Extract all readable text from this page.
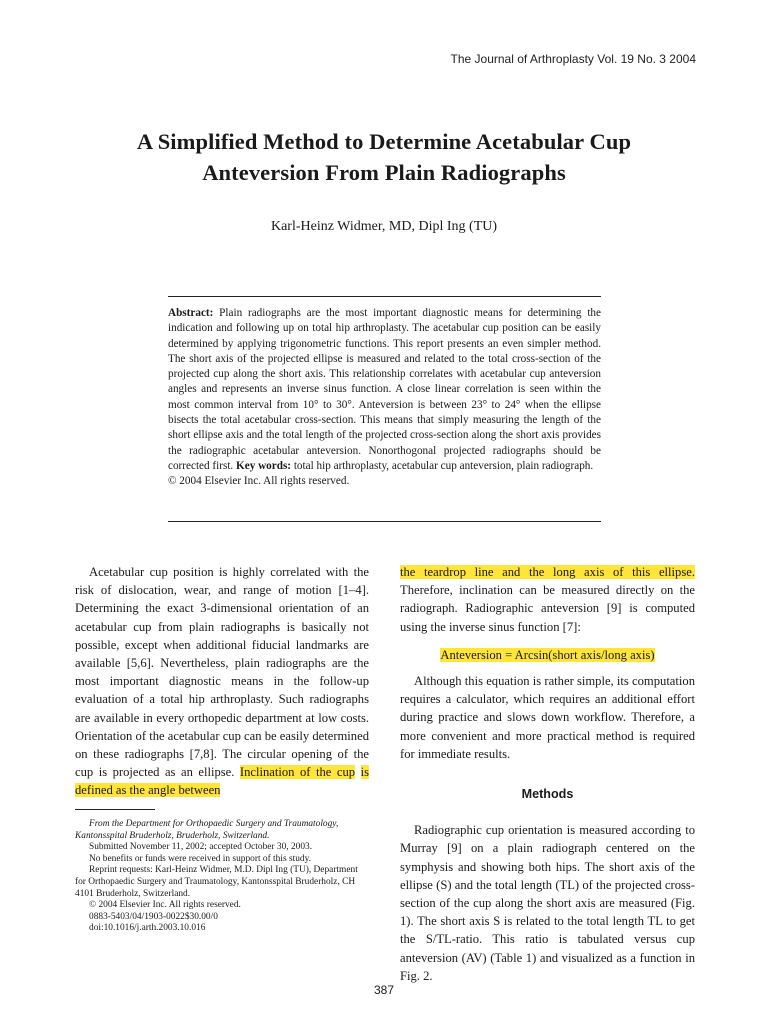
The Journal of Arthroplasty Vol. 19 No. 3 2004
A Simplified Method to Determine Acetabular Cup
Anteversion From Plain Radiographs
Karl-Heinz Widmer, MD, Dipl Ing (TU)
Abstract: Plain radiographs are the most important diagnostic means for determining the indication and following up on total hip arthroplasty. The acetabular cup position can be easily determined by applying trigonometric functions. This report presents an even simpler method. The short axis of the projected ellipse is measured and related to the total cross-section of the projected cup along the short axis. This relationship correlates with acetabular cup anteversion angles and represents an inverse sinus function. A close linear correlation is seen within the most common interval from 10° to 30°. Anteversion is between 23° to 24° when the ellipse bisects the total acetabular cross-section. This means that simply measuring the length of the short ellipse axis and the total length of the projected cross-section along the short axis provides the radiographic acetabular anteversion. Nonorthogonal projected radiographs should be corrected first. Key words: total hip arthroplasty, acetabular cup anteversion, plain radiograph.
© 2004 Elsevier Inc. All rights reserved.

Acetabular cup position is highly correlated with the risk of dislocation, wear, and range of motion [1–4]. Determining the exact 3-dimensional orientation of an acetabular cup from plain radiographs is basically not possible, except when additional fiducial landmarks are available [5,6]. Nevertheless, plain radiographs are the most important diagnostic means in the follow-up evaluation of a total hip arthroplasty. Such radiographs are available in every orthopedic department at low costs. Orientation of the acetabular cup can be easily determined on these radiographs [7,8]. The circular opening of the cup is projected as an ellipse. Inclination of the cup is defined as the angle between

From the Department for Orthopaedic Surgery and Traumatology, Kantonsspital Bruderholz, Bruderholz, Switzerland.

Submitted November 11, 2002; accepted October 30, 2003.

No benefits or funds were received in support of this study.

Reprint requests: Karl-Heinz Widmer, M.D. Dipl Ing (TU), Department for Orthopaedic Surgery and Traumatology, Kantonsspital Bruderholz, CH 4101 Bruderholz, Switzerland.

© 2004 Elsevier Inc. All rights reserved.

0883-5403/04/1903-0022$30.00/0

doi:10.1016/j.arth.2003.10.016

the teardrop line and the long axis of this ellipse. Therefore, inclination can be measured directly on the radiograph. Radiographic anteversion [9] is computed using the inverse sinus function [7]:

Anteversion = Arcsin(short axis/long axis)

Although this equation is rather simple, its computation requires a calculator, which requires an additional effort during practice and slows down workflow. Therefore, a more convenient and more practical method is required for immediate results.

Methods

Radiographic cup orientation is measured according to Murray [9] on a plain radiograph centered on the symphysis and showing both hips. The short axis of the ellipse (S) and the total length (TL) of the projected cross-section of the cup along the short axis are measured (Fig. 1). The short axis S is related to the total length TL to get the S/TL-ratio. This ratio is tabulated versus cup anteversion (AV) (Table 1) and visualized as a function in Fig. 2.

387
